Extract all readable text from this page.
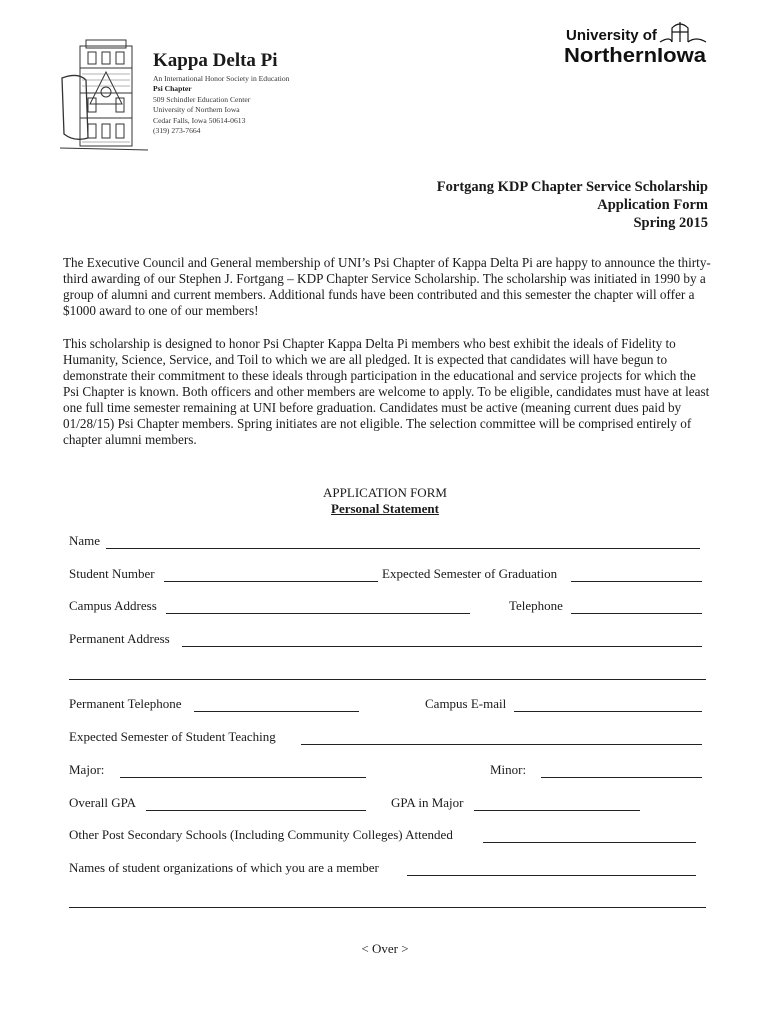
Kappa Delta Pi
An International Honor Society in Education
Psi Chapter
509 Schindler Education Center
University of Northern Iowa
Cedar Falls, Iowa 50614-0613
(319) 273-7664
University of
NorthernIowa
Fortgang KDP Chapter Service Scholarship
Application Form
Spring 2015
The Executive Council and General membership of UNI’s Psi Chapter of Kappa Delta Pi are happy to announce the thirty-third awarding of our Stephen J. Fortgang – KDP Chapter Service Scholarship. The scholarship was initiated in 1990 by a group of alumni and current members. Additional funds have been contributed and this semester the chapter will offer a $1000 award to one of our members!
This scholarship is designed to honor Psi Chapter Kappa Delta Pi members who best exhibit the ideals of Fidelity to Humanity, Science, Service, and Toil to which we are all pledged. It is expected that candidates will have begun to demonstrate their commitment to these ideals through participation in the educational and service projects for which the Psi Chapter is known. Both officers and other members are welcome to apply. To be eligible, candidates must have at least one full time semester remaining at UNI before graduation. Candidates must be active (meaning current dues paid by 01/28/15) Psi Chapter members. Spring initiates are not eligible. The selection committee will be comprised entirely of chapter alumni members.
APPLICATION FORM
Personal Statement
Name
Student Number	Expected Semester of Graduation
Campus Address	Telephone
Permanent Address
Permanent Telephone	Campus E-mail
Expected Semester of Student Teaching
Major:	Minor:
Overall GPA	GPA in Major
Other Post Secondary Schools (Including Community Colleges) Attended
Names of student organizations of which you are a member
< Over >
